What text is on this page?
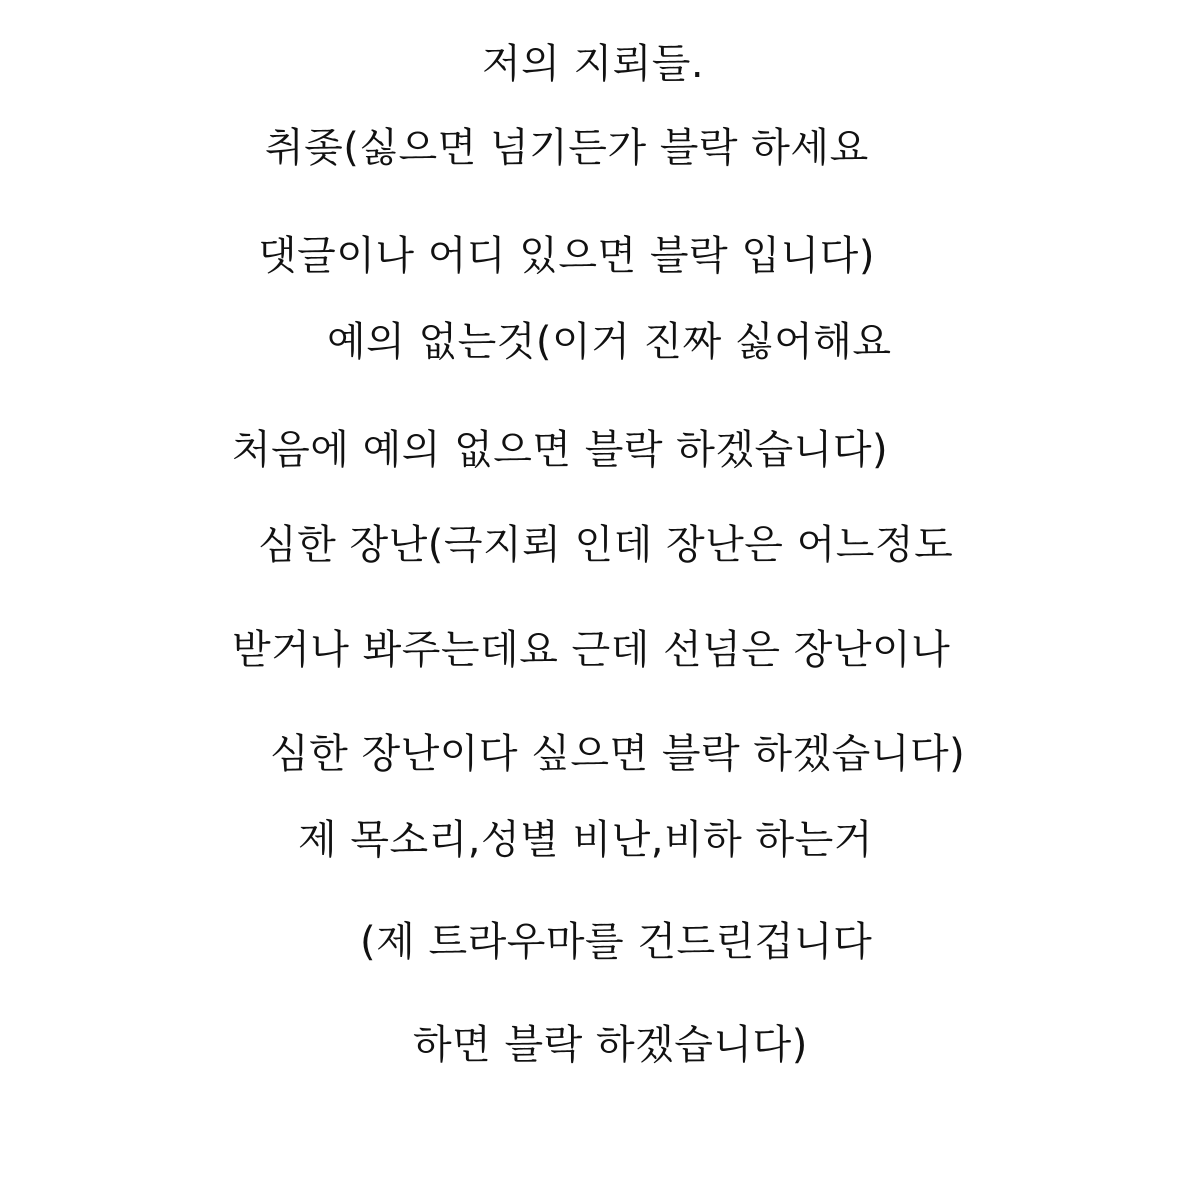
저의 지뢰들.
취좆(싫으면 넘기든가 블락 하세요
댓글이나 어디 있으면 블락 입니다)
예의 없는것(이거 진짜 싫어해요
처음에 예의 없으면 블락 하겠습니다)
심한 장난(극지뢰 인데 장난은 어느정도
받거나 봐주는데요 근데 선넘은 장난이나
심한 장난이다 싶으면 블락 하겠습니다)
제 목소리,성별 비난,비하 하는거
(제 트라우마를 건드린겁니다
하면 블락 하겠습니다)
